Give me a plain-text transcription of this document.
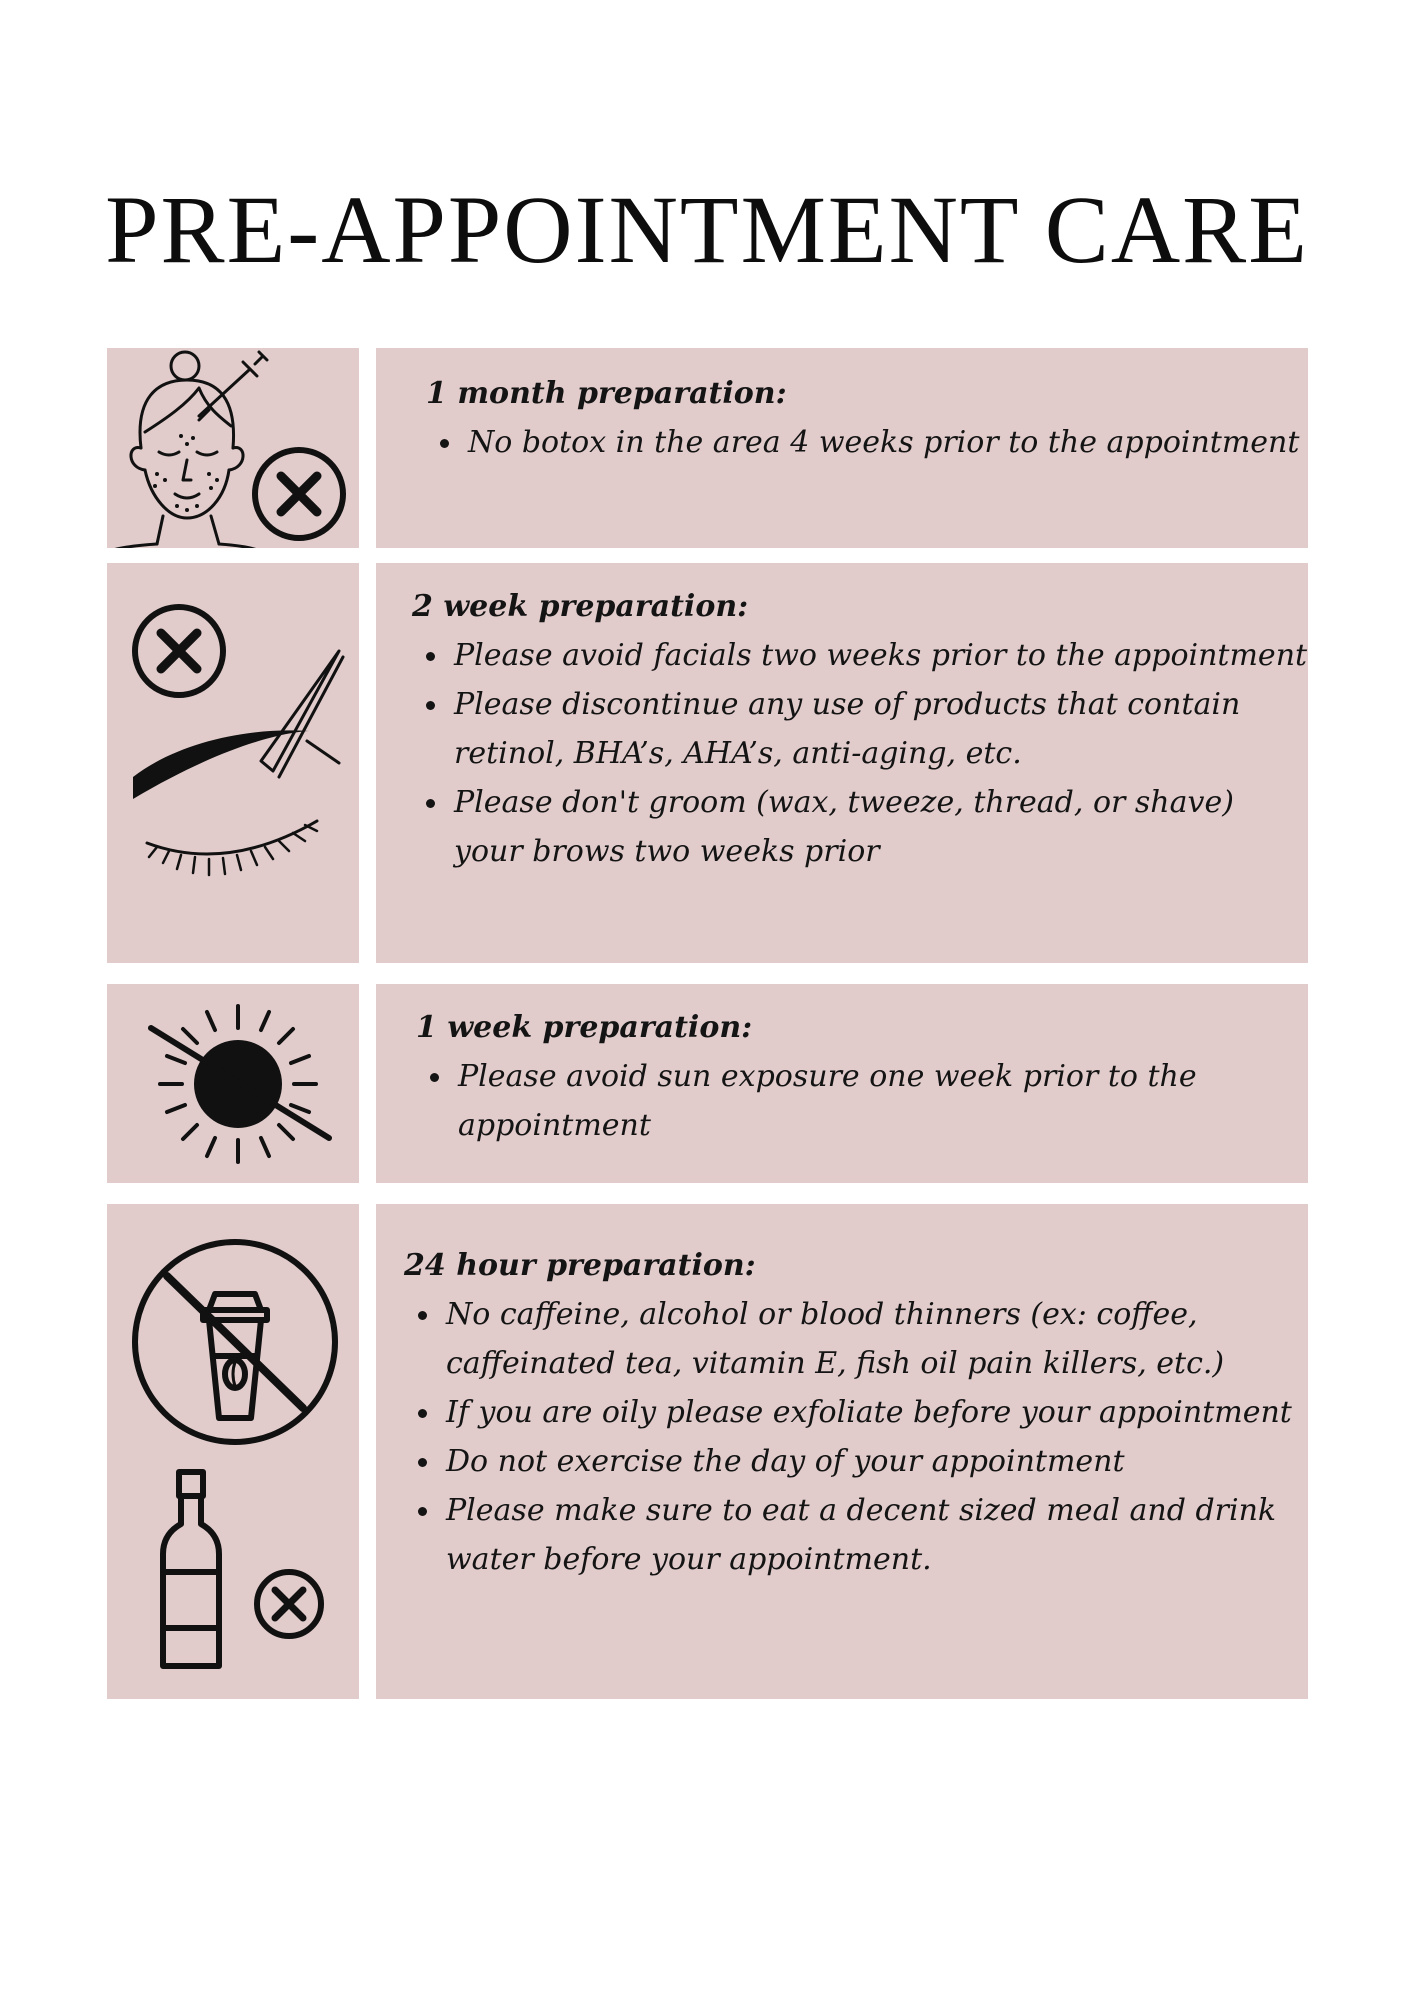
PRE-APPOINTMENT CARE

1 month preparation:

No botox in the area 4 weeks prior to the appointment

2 week preparation:

Please avoid facials two weeks prior to the appointment
Please discontinue any use of products that contain retinol, BHA’s, AHA’s, anti-aging, etc.
Please don't groom (wax, tweeze, thread, or shave) your brows two weeks prior

1 week preparation:

Please avoid sun exposure one week prior to the appointment

24 hour preparation:

No caffeine, alcohol or blood thinners (ex: coffee, caffeinated tea, vitamin E, fish oil pain killers, etc.)
If you are oily please exfoliate before your appointment
Do not exercise the day of your appointment
Please make sure to eat a decent sized meal and drink water before your appointment.
